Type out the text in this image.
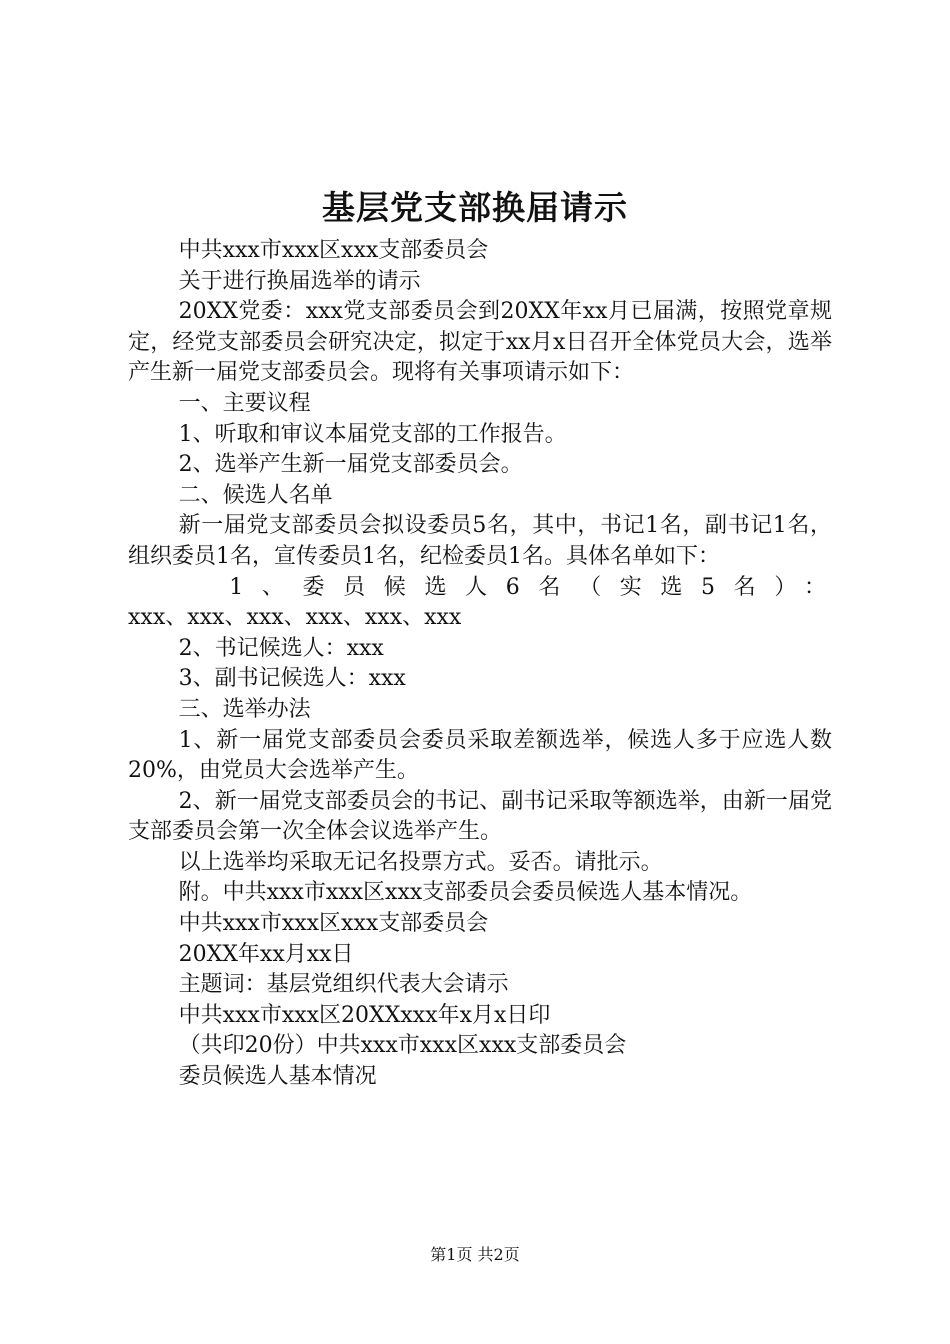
基层党支部换届请示

中共xxx市xxx区xxx支部委员会

关于进行换届选举的请示

20XX党委：xxx党支部委员会到20XX年xx月已届满，按照党章规定，经党支部委员会研究决定，拟定于xx月x日召开全体党员大会，选举产生新一届党支部委员会。现将有关事项请示如下：

一、主要议程

1、听取和审议本届党支部的工作报告。

2、选举产生新一届党支部委员会。

二、候选人名单

新一届党支部委员会拟设委员5名，其中，书记1名，副书记1名，组织委员1名，宣传委员1名，纪检委员1名。具体名单如下：

1、委员候选人6名（实选5名）：

xxx、xxx、xxx、xxx、xxx、xxx

2、书记候选人：xxx

3、副书记候选人：xxx

三、选举办法

1、新一届党支部委员会委员采取差额选举，候选人多于应选人数20%，由党员大会选举产生。

2、新一届党支部委员会的书记、副书记采取等额选举，由新一届党支部委员会第一次全体会议选举产生。

以上选举均采取无记名投票方式。妥否。请批示。

附。中共xxx市xxx区xxx支部委员会委员候选人基本情况。

中共xxx市xxx区xxx支部委员会

20XX年xx月xx日

主题词：基层党组织代表大会请示

中共xxx市xxx区20XXxxx年x月x日印

（共印20份）中共xxx市xxx区xxx支部委员会

委员候选人基本情况

第1页 共2页
